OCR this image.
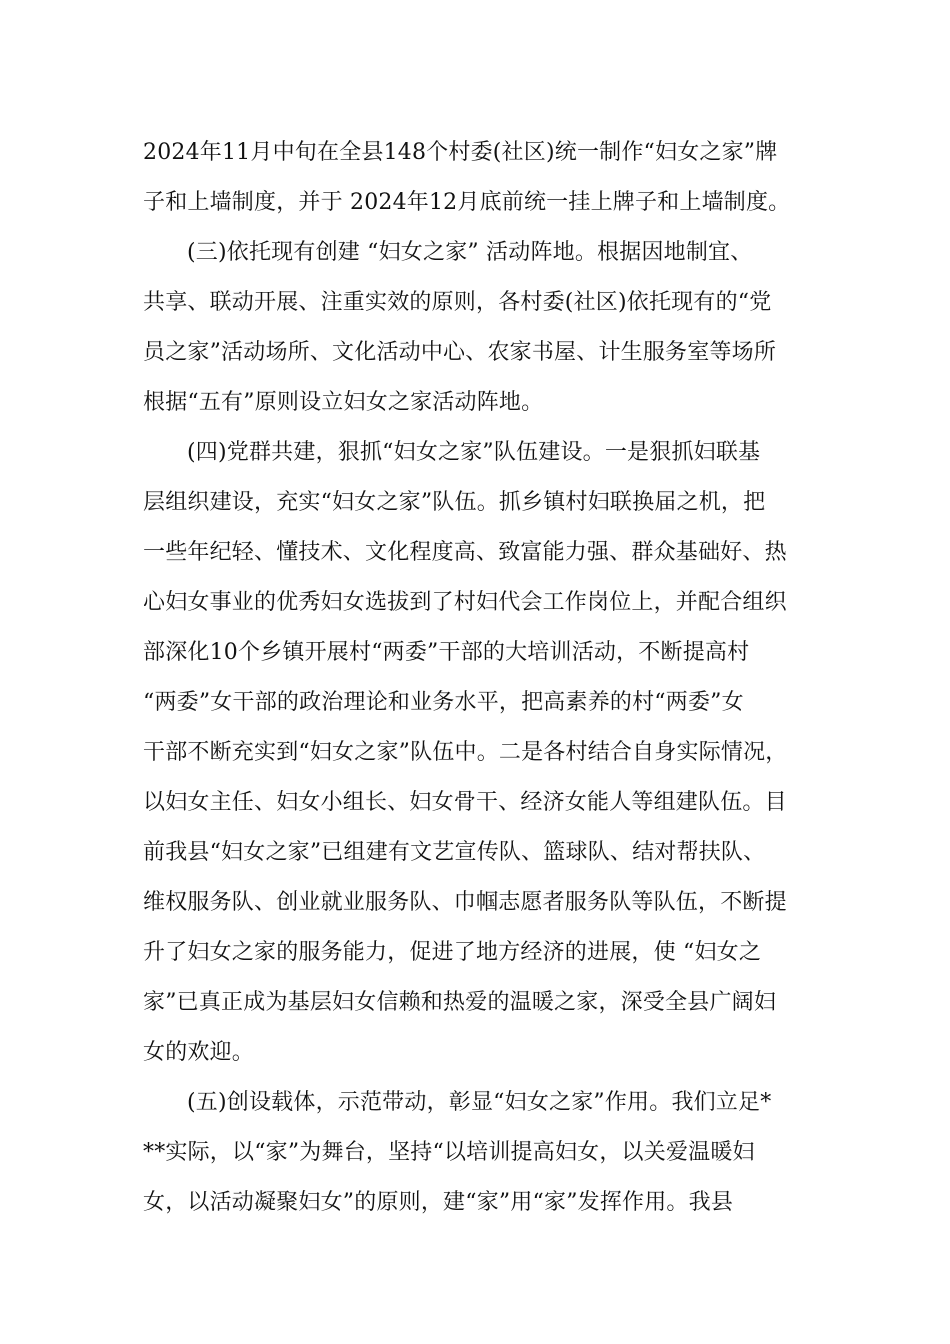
2024年11月中旬在全县148个村委(社区)统一制作“妇女之家”牌
子和上墙制度，并于 2024年12月底前统一挂上牌子和上墙制度。
(三)依托现有创建 “妇女之家” 活动阵地。根据因地制宜、
共享、联动开展、注重实效的原则，各村委(社区)依托现有的“党
员之家”活动场所、文化活动中心、农家书屋、计生服务室等场所
根据“五有”原则设立妇女之家活动阵地。
(四)党群共建，狠抓“妇女之家”队伍建设。一是狠抓妇联基
层组织建设，充实“妇女之家”队伍。抓乡镇村妇联换届之机，把
一些年纪轻、懂技术、文化程度高、致富能力强、群众基础好、热
心妇女事业的优秀妇女选拔到了村妇代会工作岗位上，并配合组织
部深化10个乡镇开展村“两委”干部的大培训活动，不断提高村
“两委”女干部的政治理论和业务水平，把高素养的村“两委”女
干部不断充实到“妇女之家”队伍中。二是各村结合自身实际情况，
以妇女主任、妇女小组长、妇女骨干、经济女能人等组建队伍。目
前我县“妇女之家”已组建有文艺宣传队、篮球队、结对帮扶队、
维权服务队、创业就业服务队、巾帼志愿者服务队等队伍，不断提
升了妇女之家的服务能力，促进了地方经济的进展，使 “妇女之
家”已真正成为基层妇女信赖和热爱的温暖之家，深受全县广阔妇
女的欢迎。
(五)创设载体，示范带动，彰显“妇女之家”作用。我们立足*
**实际，以“家”为舞台，坚持“以培训提高妇女，以关爱温暖妇
女，以活动凝聚妇女”的原则，建“家”用“家”发挥作用。我县
